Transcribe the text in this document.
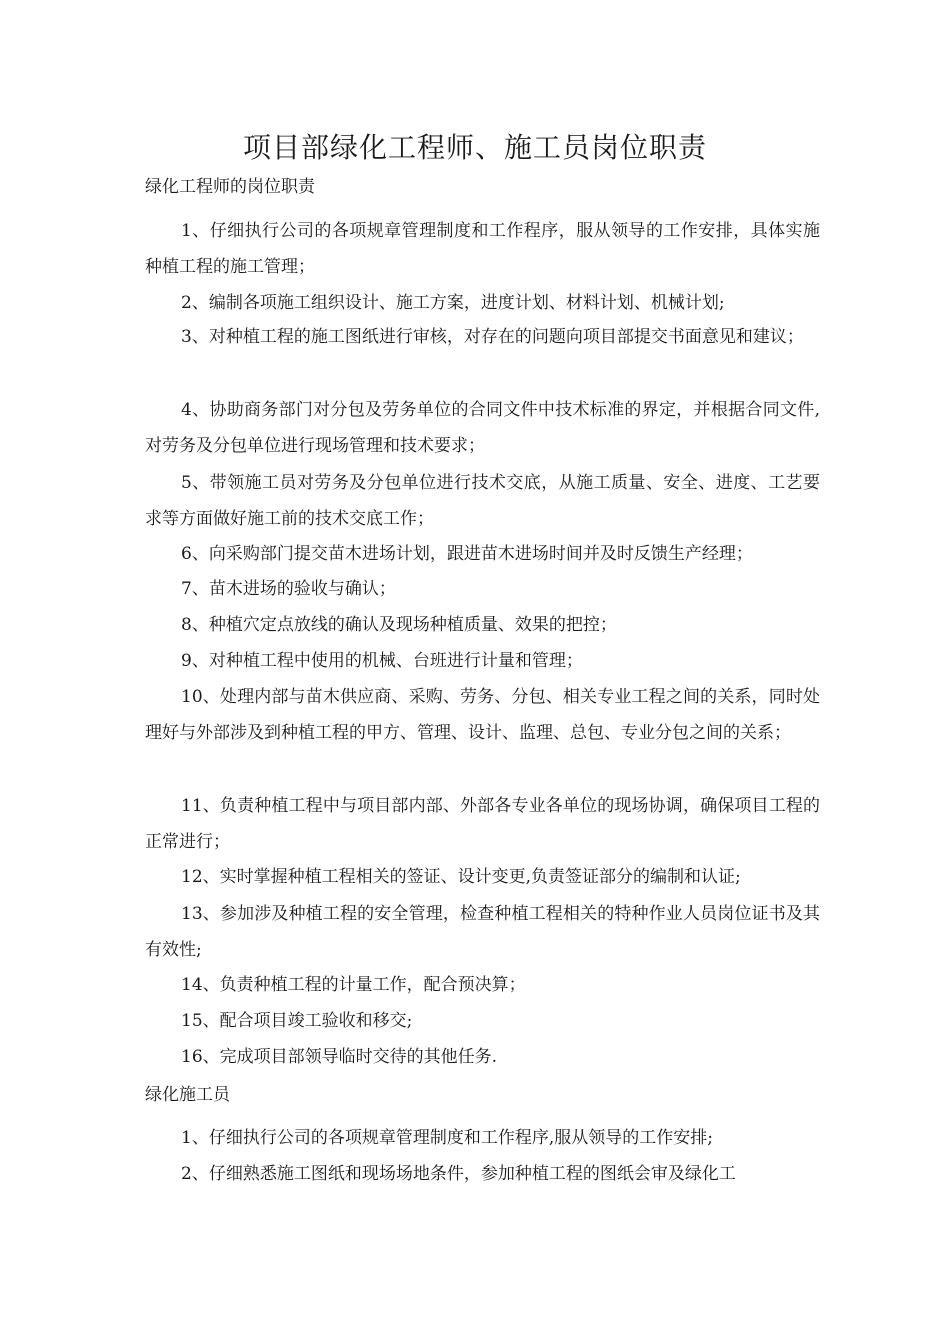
项目部绿化工程师、施工员岗位职责

绿化工程师的岗位职责

1、仔细执行公司的各项规章管理制度和工作程序，服从领导的工作安排，具体实施种植工程的施工管理；

2、编制各项施工组织设计、施工方案，进度计划、材料计划、机械计划;

3、对种植工程的施工图纸进行审核，对存在的问题向项目部提交书面意见和建议；

4、协助商务部门对分包及劳务单位的合同文件中技术标准的界定，并根据合同文件,对劳务及分包单位进行现场管理和技术要求；

5、带领施工员对劳务及分包单位进行技术交底，从施工质量、安全、进度、工艺要求等方面做好施工前的技术交底工作；

6、向采购部门提交苗木进场计划，跟进苗木进场时间并及时反馈生产经理；

7、苗木进场的验收与确认；

8、种植穴定点放线的确认及现场种植质量、效果的把控；

9、对种植工程中使用的机械、台班进行计量和管理；

10、处理内部与苗木供应商、采购、劳务、分包、相关专业工程之间的关系，同时处理好与外部涉及到种植工程的甲方、管理、设计、监理、总包、专业分包之间的关系；

11、负责种植工程中与项目部内部、外部各专业各单位的现场协调，确保项目工程的正常进行；

12、实时掌握种植工程相关的签证、设计变更,负责签证部分的编制和认证;

13、参加涉及种植工程的安全管理，检查种植工程相关的特种作业人员岗位证书及其有效性;

14、负责种植工程的计量工作，配合预决算；

15、配合项目竣工验收和移交;

16、完成项目部领导临时交待的其他任务.

绿化施工员

1、仔细执行公司的各项规章管理制度和工作程序,服从领导的工作安排;

2、仔细熟悉施工图纸和现场场地条件，参加种植工程的图纸会审及绿化工
